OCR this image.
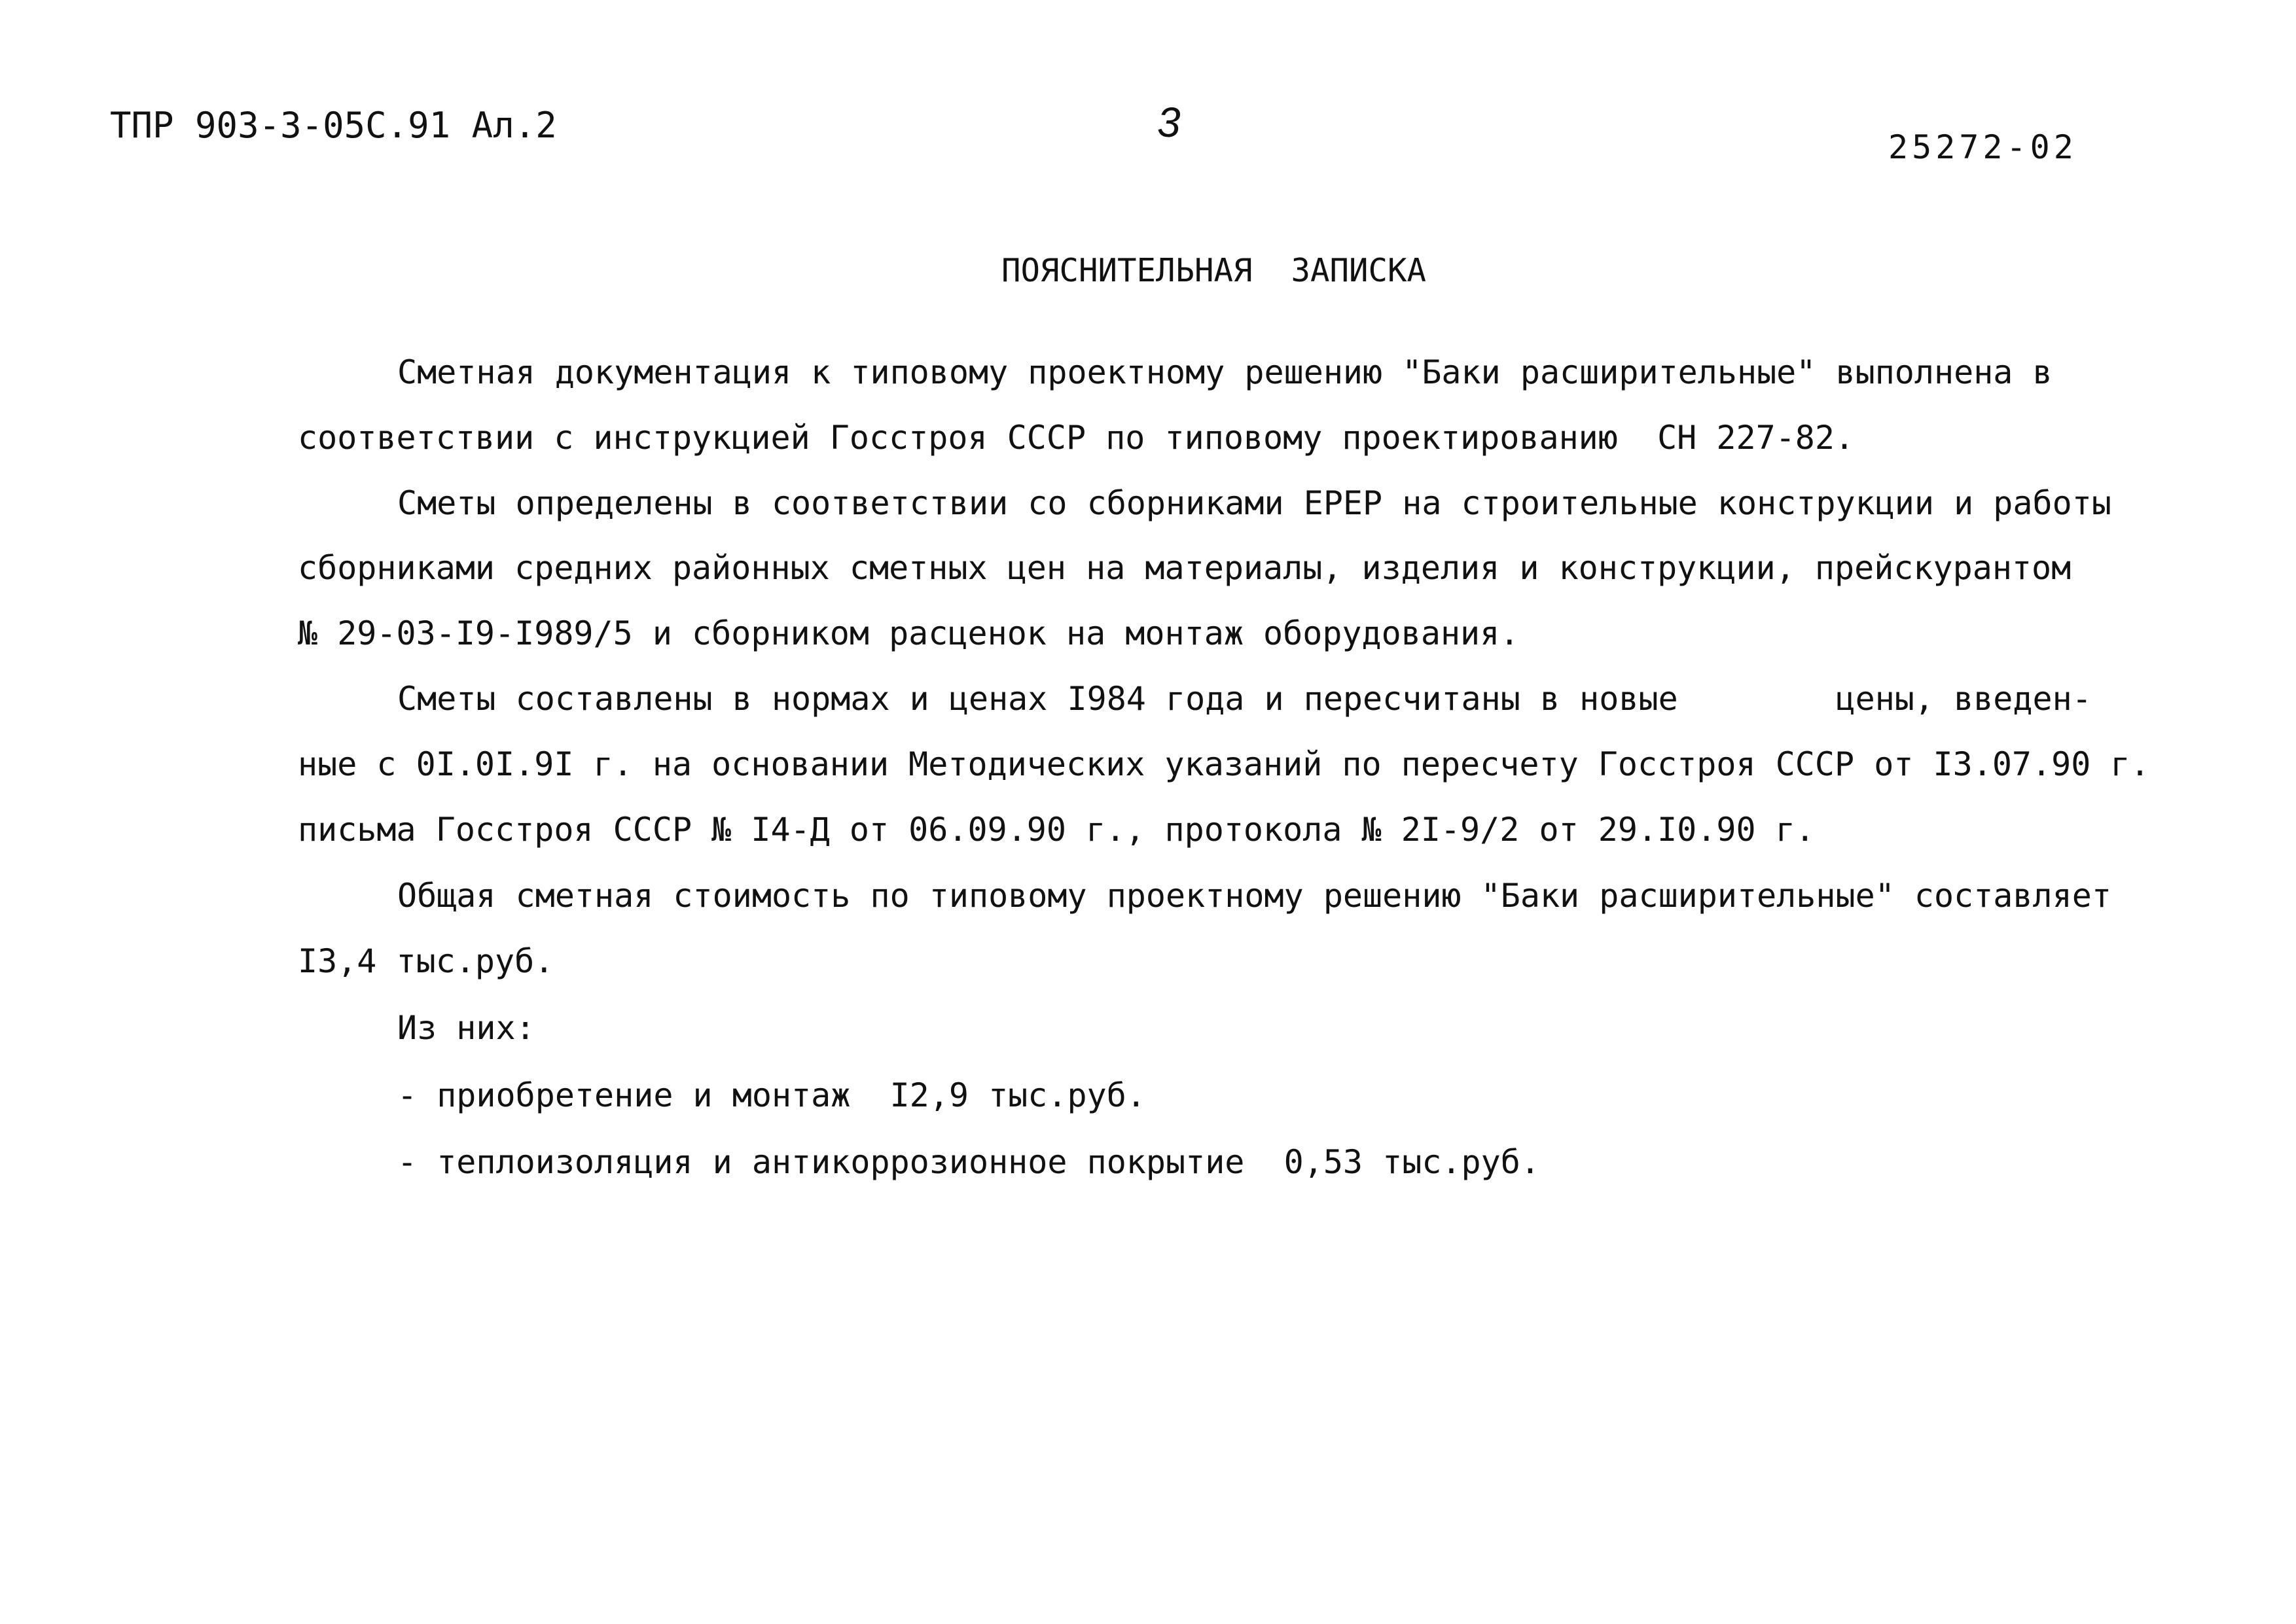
ТПР 903-3-05С.91 Ал.2	3
25272-02
ПОЯСНИТЕЛЬНАЯ  ЗАПИСКА
Сметная документация к типовому проектному решению "Баки расширительные" выполнена в
соответствии с инструкцией Госстроя СССР по типовому проектированию  СН 227-82.
Сметы определены в соответствии со сборниками ЕРЕР на строительные конструкции и работы
сборниками средних районных сметных цен на материалы, изделия и конструкции, прейскурантом
№ 29-03-I9-I989/5 и сборником расценок на монтаж оборудования.
Сметы составлены в нормах и ценах I984 года и пересчитаны в новые        цены, введен-
ные с 0I.0I.9I г. на основании Методических указаний по пересчету Госстроя СССР от I3.07.90 г.
письма Госстроя СССР № I4-Д от 06.09.90 г., протокола № 2I-9/2 от 29.I0.90 г.
Общая сметная стоимость по типовому проектному решению "Баки расширительные" составляет
I3,4 тыс.руб.
Из них:
- приобретение и монтаж  I2,9 тыс.руб.
- теплоизоляция и антикоррозионное покрытие  0,53 тыс.руб.
